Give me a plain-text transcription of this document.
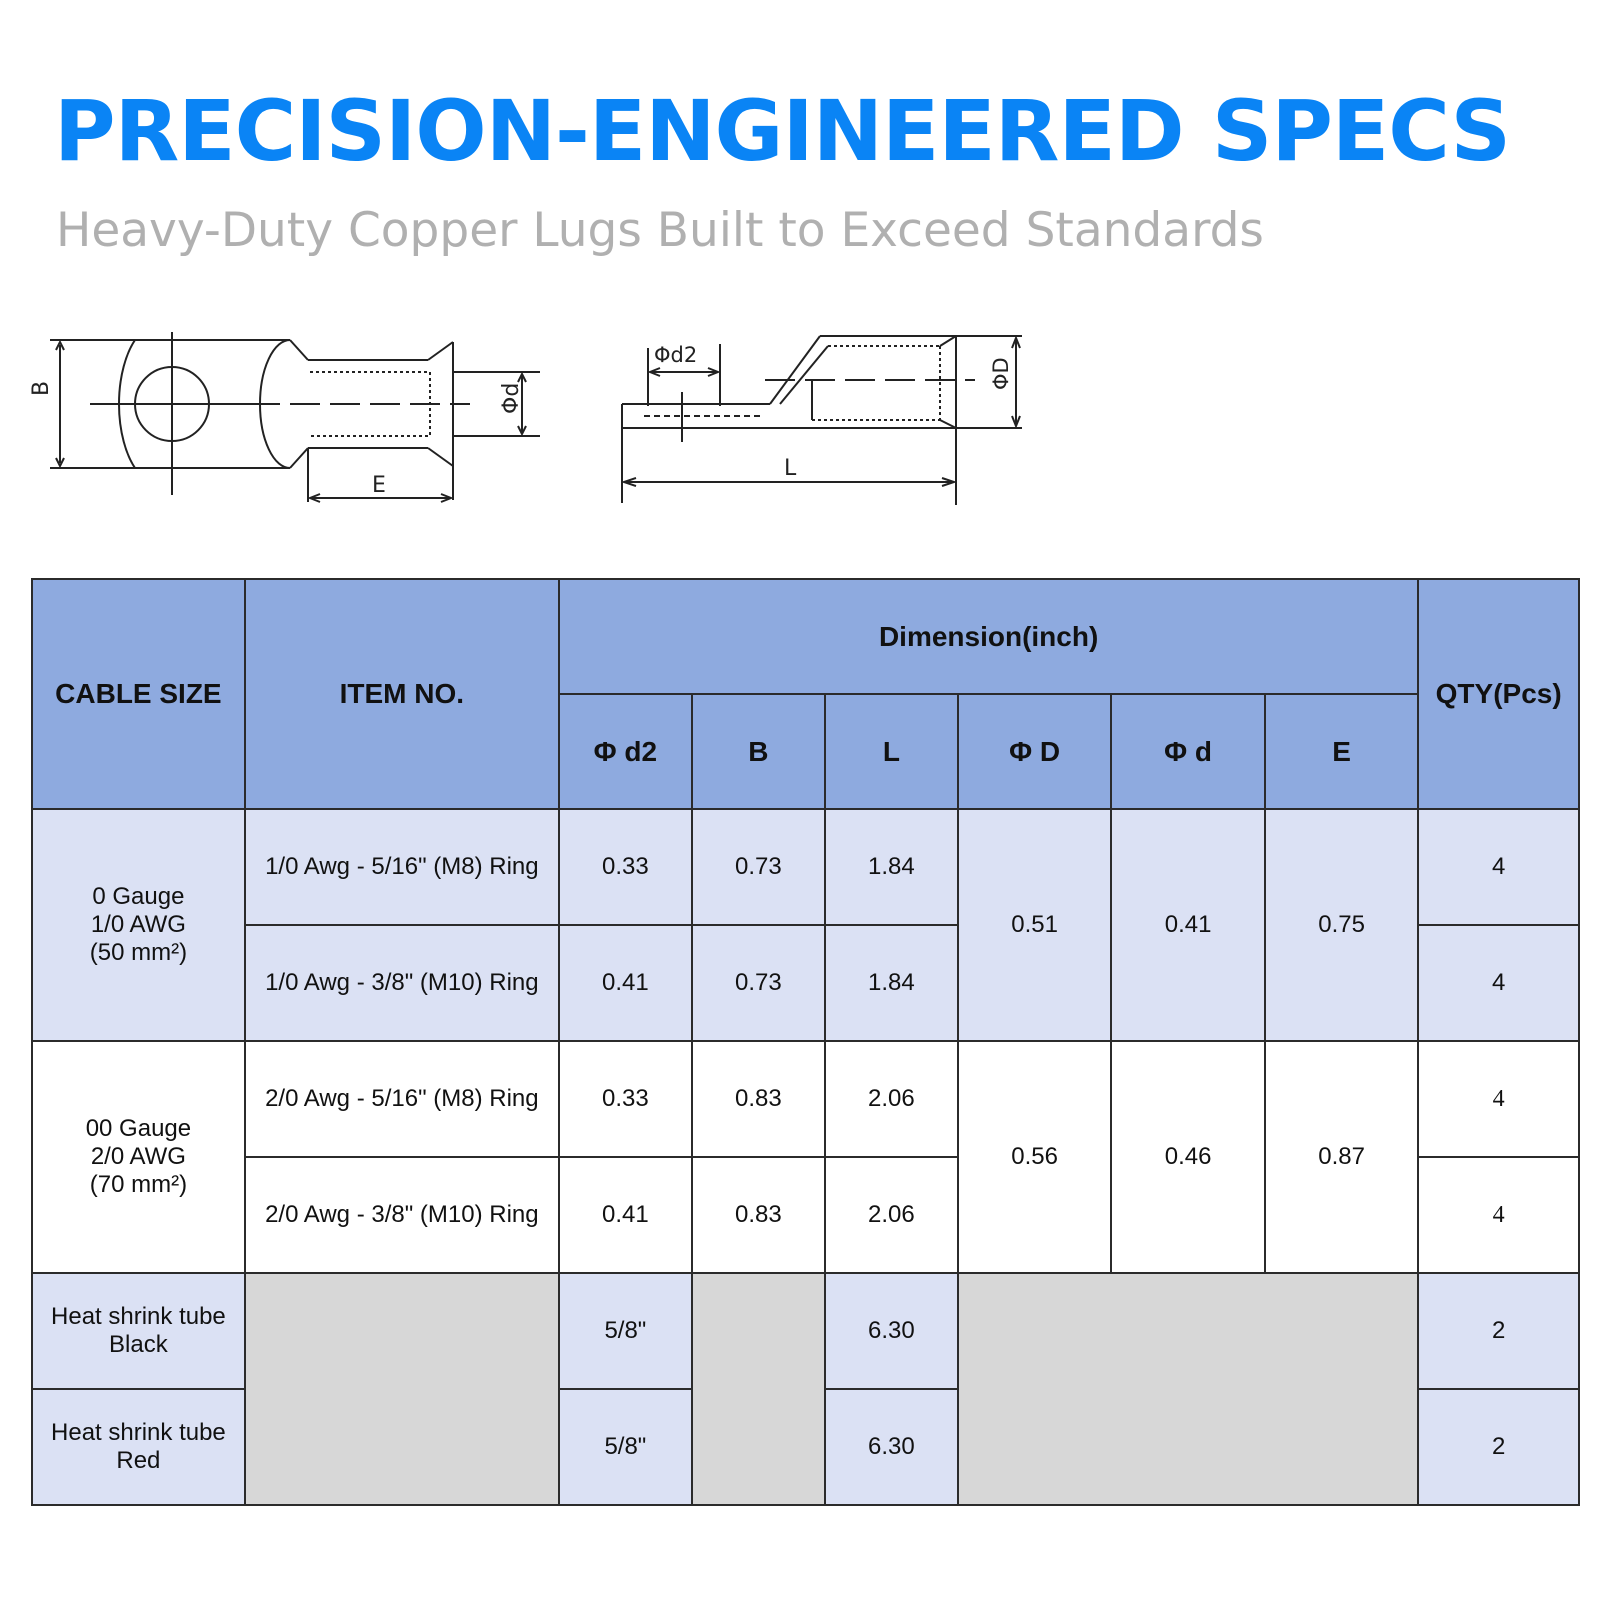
PRECISION-ENGINEERED SPECS

Heavy-Duty Copper Lugs Built to Exceed Standards

B	Φd
E
Φd2
ΦD
L
CABLE SIZE	ITEM NO.	Dimension(inch)						QTY(Pcs)
		Φ d2	B	L	Φ D	Φ d	E	

0 Gauge
1/0 AWG
(50 mm²)	1/0 Awg - 5/16" (M8) Ring	0.33	0.73	1.84	0.51	0.41	0.75	4
	1/0 Awg - 3/8" (M10) Ring	0.41	0.73	1.84				4

00 Gauge
2/0 AWG
(70 mm²)	2/0 Awg - 5/16" (M8) Ring	0.33	0.83	2.06	0.56	0.46	0.87	4
	2/0 Awg - 3/8" (M10) Ring	0.41	0.83	2.06				4

Heat shrink tube
Black		5/8"		6.30				2

Heat shrink tube
Red		5/8"		6.30				2
